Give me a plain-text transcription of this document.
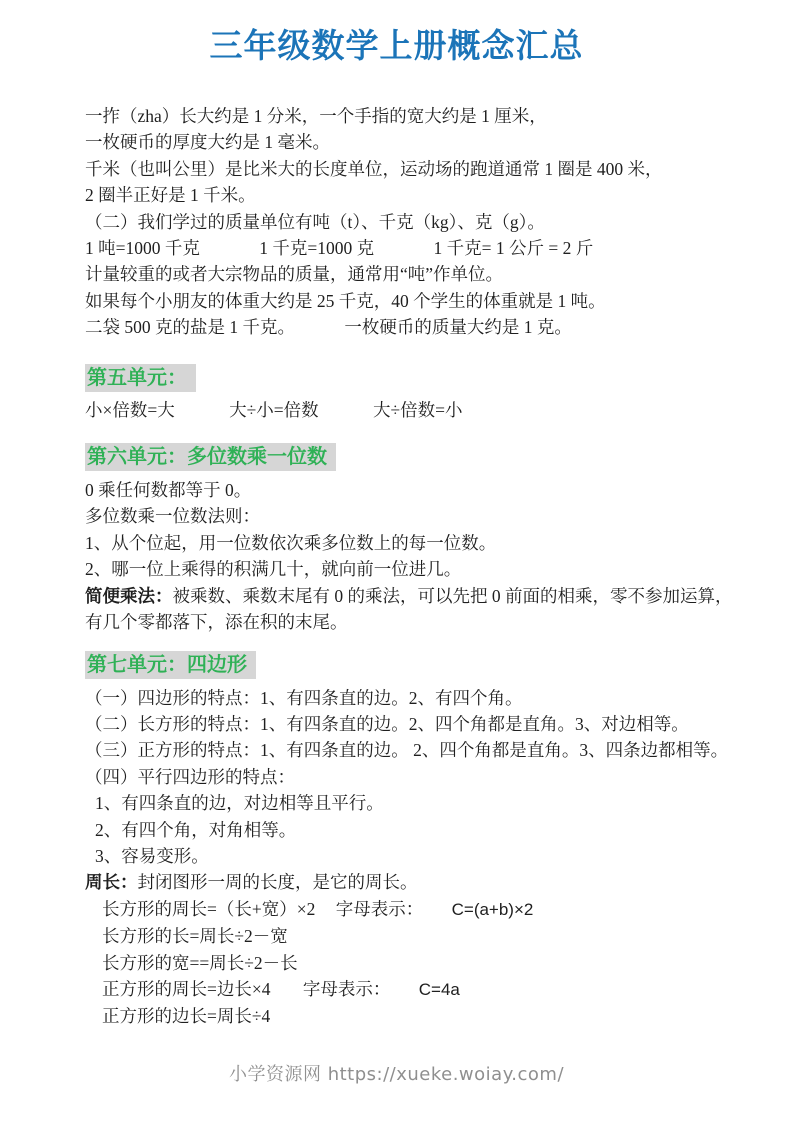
三年级数学上册概念汇总

一拃（zha）长大约是 1 分米，一个手指的宽大约是 1 厘米，

一枚硬币的厚度大约是 1 毫米。

千米（也叫公里）是比米大的长度单位，运动场的跑道通常 1 圈是 400 米，

2 圈半正好是 1 千米。

（二）我们学过的质量单位有吨（t）、千克（kg）、克（g）。

1 吨=1000 千克	1 千克=1000 克	1 千克= 1 公斤 = 2 斤

计量较重的或者大宗物品的质量，通常用“吨”作单位。

如果每个小朋友的体重大约是 25 千克，40 个学生的体重就是 1 吨。

二袋 500 克的盐是 1 千克。	一枚硬币的质量大约是 1 克。

第五单元：

小×倍数=大	大÷小=倍数	大÷倍数=小

第六单元：多位数乘一位数

0 乘任何数都等于 0。

多位数乘一位数法则：

1、从个位起，用一位数依次乘多位数上的每一位数。

2、哪一位上乘得的积满几十，就向前一位进几。

简便乘法：被乘数、乘数末尾有 0 的乘法，可以先把 0 前面的相乘，零不参加运算，

有几个零都落下，添在积的末尾。

第七单元：四边形

（一）四边形的特点：1、有四条直的边。2、有四个角。

（二）长方形的特点：1、有四条直的边。2、四个角都是直角。3、对边相等。

（三）正方形的特点：1、有四条直的边。 2、四个角都是直角。3、四条边都相等。

（四）平行四边形的特点：

1、有四条直的边，对边相等且平行。

2、有四个角，对角相等。

3、容易变形。

周长：封闭图形一周的长度，是它的周长。

长方形的周长=（长+宽）×2 字母表示： C=(a+b)×2

长方形的长=周长÷2－宽

长方形的宽==周长÷2－长

正方形的周长=边长×4 字母表示： C=4a

正方形的边长=周长÷4

小学资源网 https://xueke.woiay.com/
